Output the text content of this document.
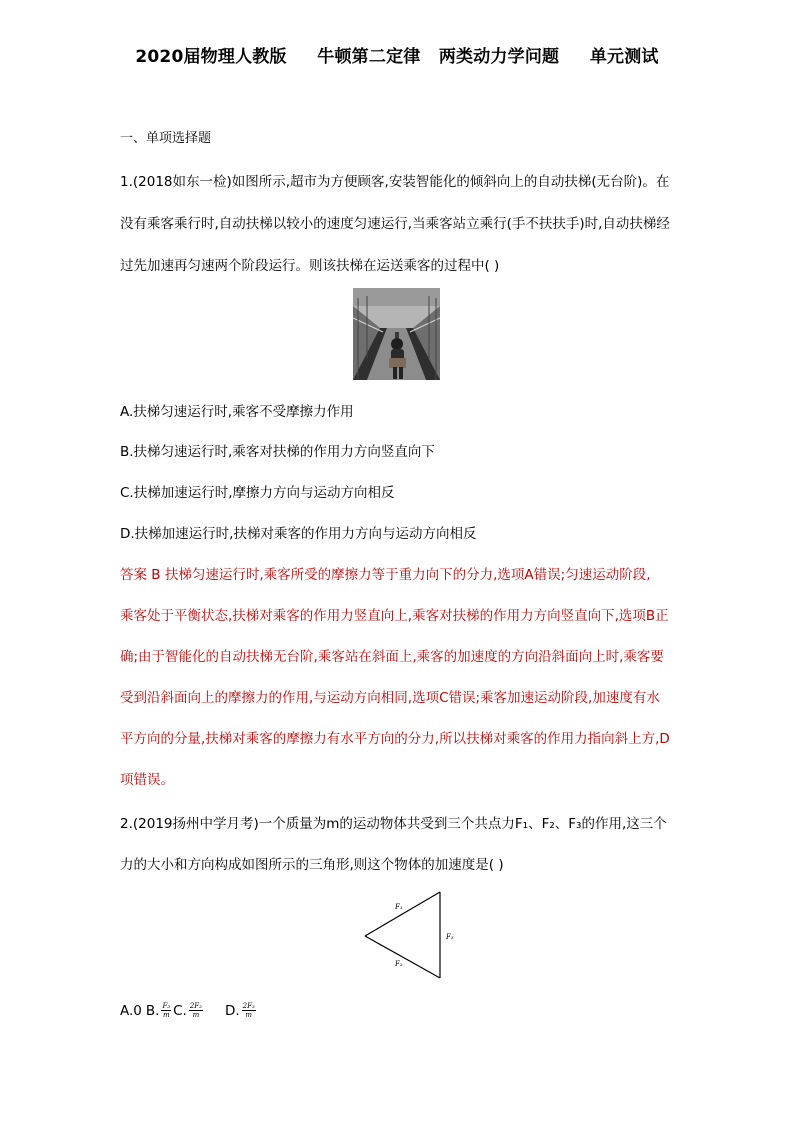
2020届物理人教版     牛顿第二定律   两类动力学问题     单元测试
一、单项选择题
1.(2018如东一检)如图所示,超市为方便顾客,安装智能化的倾斜向上的自动扶梯(无台阶)。在
没有乘客乘行时,自动扶梯以较小的速度匀速运行,当乘客站立乘行(手不扶扶手)时,自动扶梯经
过先加速再匀速两个阶段运行。则该扶梯在运送乘客的过程中( )
A.扶梯匀速运行时,乘客不受摩擦力作用
B.扶梯匀速运行时,乘客对扶梯的作用力方向竖直向下
C.扶梯加速运行时,摩擦力方向与运动方向相反
D.扶梯加速运行时,扶梯对乘客的作用力方向与运动方向相反
答案 B 扶梯匀速运行时,乘客所受的摩擦力等于重力向下的分力,选项A错误;匀速运动阶段,
乘客处于平衡状态,扶梯对乘客的作用力竖直向上,乘客对扶梯的作用力方向竖直向下,选项B正
确;由于智能化的自动扶梯无台阶,乘客站在斜面上,乘客的加速度的方向沿斜面向上时,乘客要
受到沿斜面向上的摩擦力的作用,与运动方向相同,选项C错误;乘客加速运动阶段,加速度有水
平方向的分量,扶梯对乘客的摩擦力有水平方向的分力,所以扶梯对乘客的作用力指向斜上方,D
项错误。
2.(2019扬州中学月考)一个质量为m的运动物体共受到三个共点力F₁、F₂、F₃的作用,这三个
力的大小和方向构成如图所示的三角形,则这个物体的加速度是( )
F₁
F₂
F₃
A.0 B. $\frac{\text{F₃}}{m} C$. $\frac{\text{2F₂}}{m} D$. $\frac{\text{2F₃}}{m}$
